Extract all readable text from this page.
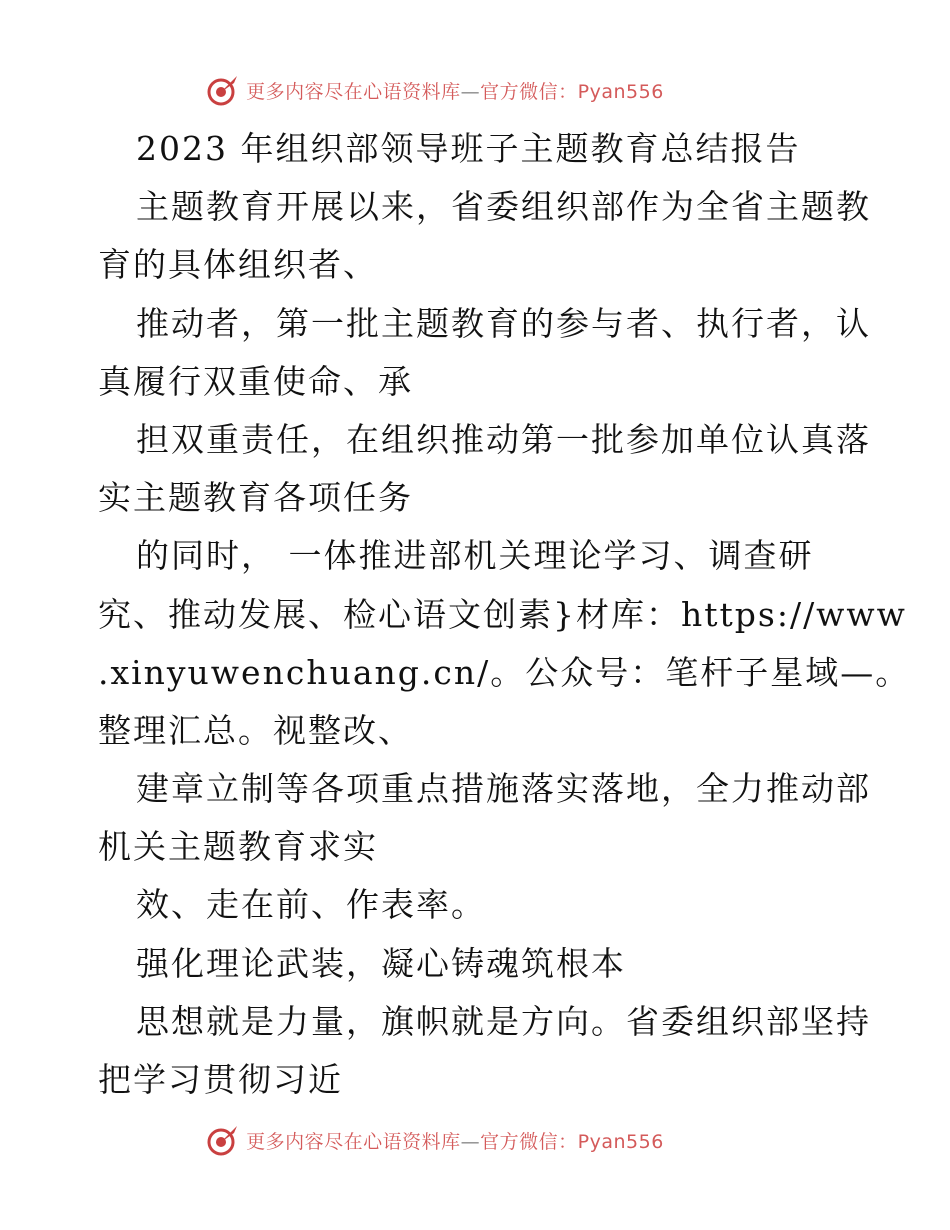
更多内容尽在心语资料库—官方微信：Pyan556
2023 年组织部领导班子主题教育总结报告
主题教育开展以来，省委组织部作为全省主题教
育的具体组织者、
推动者，第一批主题教育的参与者、执行者，认
真履行双重使命、承
担双重责任，在组织推动第一批参加单位认真落
实主题教育各项任务
的同时， 一体推进部机关理论学习、调查研
究、推动发展、检心语文创素}材库：https://www
.xinyuwenchuang.cn/。公众号：笔杆子星域—。
整理汇总。视整改、
建章立制等各项重点措施落实落地，全力推动部
机关主题教育求实
效、走在前、作表率。
强化理论武装，凝心铸魂筑根本
思想就是力量，旗帜就是方向。省委组织部坚持
把学习贯彻习近
更多内容尽在心语资料库—官方微信：Pyan556
